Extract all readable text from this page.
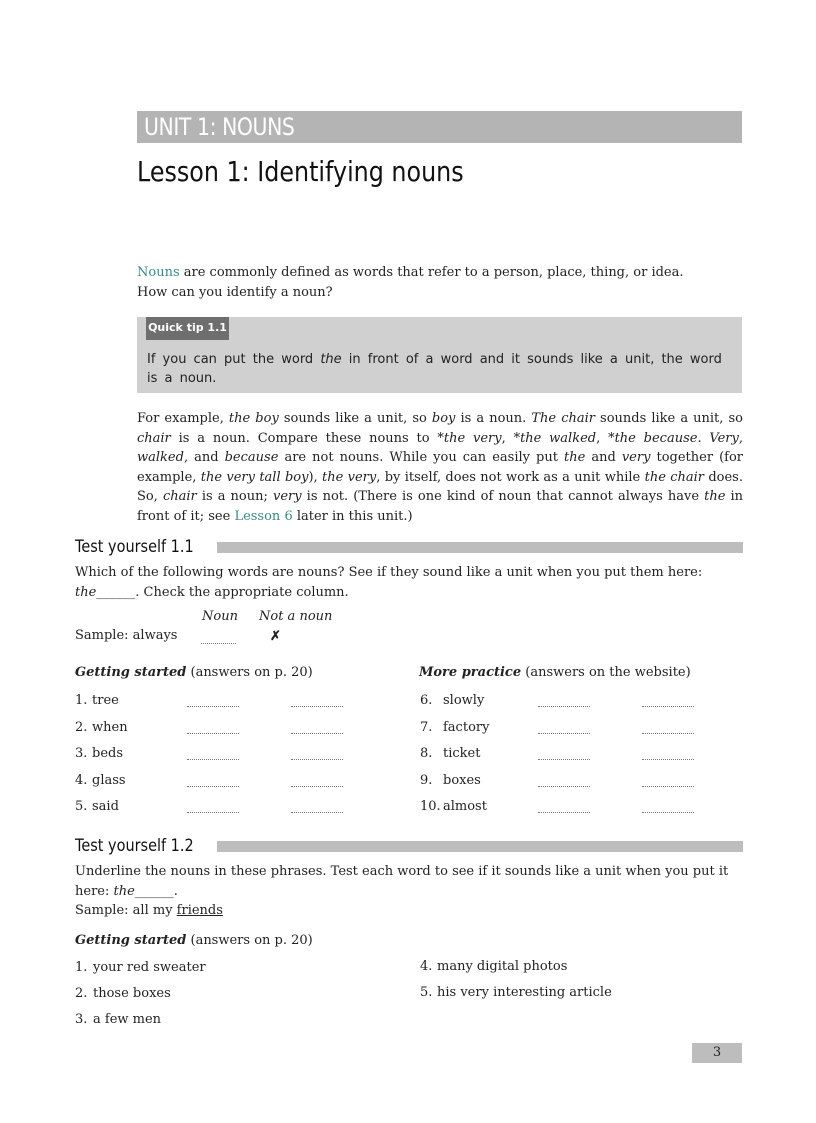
UNIT 1: NOUNS
Lesson 1: Identifying nouns
Nouns are commonly defined as words that refer to a person, place, thing, or idea.
How can you identify a noun?
Quick tip 1.1
If you can put the word the in front of a word and it sounds like a unit, the word is a noun.
For example, the boy sounds like a unit, so boy is a noun. The chair sounds like a unit, so chair is a noun. Compare these nouns to *the very, *the walked, *the because. Very, walked, and because are not nouns. While you can easily put the and very together (for example, the very tall boy), the very, by itself, does not work as a unit while the chair does. So, chair is a noun; very is not. (There is one kind of noun that cannot always have the in front of it; see Lesson 6 later in this unit.)
Test yourself 1.1
Which of the following words are nouns? See if they sound like a unit when you put them here:
the______. Check the appropriate column.
Noun Not a noun
Sample: always	✗
Getting started (answers on p. 20)	More practice (answers on the website)
1. tree
2. when
3. beds
4. glass
5. said
6. slowly
7. factory
8. ticket
9. boxes
10. almost
Test yourself 1.2
Underline the nouns in these phrases. Test each word to see if it sounds like a unit when you put it
here: the______.
Sample: all my friends
Getting started (answers on p. 20)
1. your red sweater
2. those boxes
3. a few men
4. many digital photos
5. his very interesting article
3
